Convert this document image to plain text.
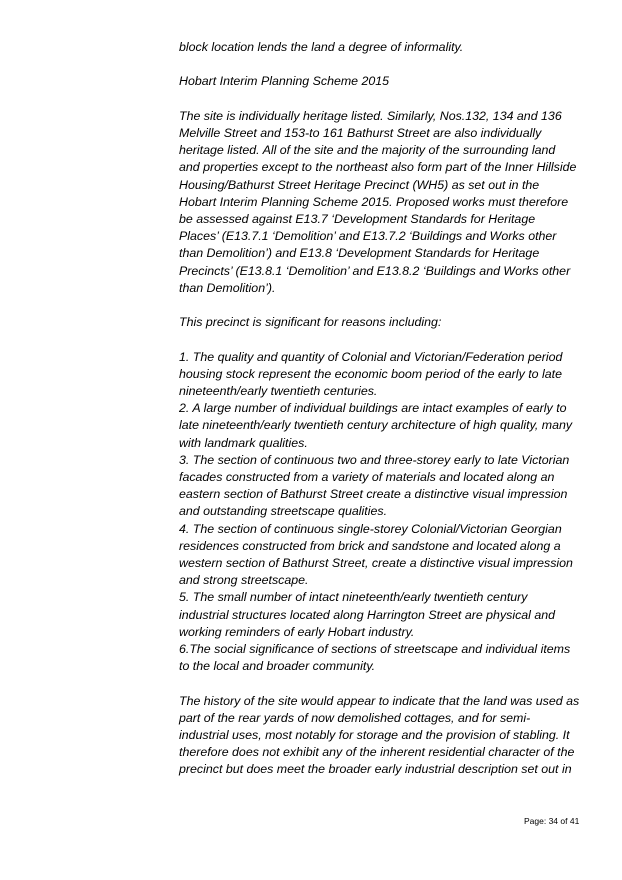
block location lends the land a degree of informality.

Hobart Interim Planning Scheme 2015

The site is individually heritage listed. Similarly, Nos.132, 134 and 136
Melville Street and 153-to 161 Bathurst Street are also individually
heritage listed. All of the site and the majority of the surrounding land
and properties except to the northeast also form part of the Inner Hillside
Housing/Bathurst Street Heritage Precinct (WH5) as set out in the
Hobart Interim Planning Scheme 2015. Proposed works must therefore
be assessed against E13.7 ‘Development Standards for Heritage
Places’ (E13.7.1 ‘Demolition’ and E13.7.2 ‘Buildings and Works other
than Demolition’) and E13.8 ‘Development Standards for Heritage
Precincts’ (E13.8.1 ‘Demolition’ and E13.8.2 ‘Buildings and Works other
than Demolition’).

This precinct is significant for reasons including:

1. The quality and quantity of Colonial and Victorian/Federation period
housing stock represent the economic boom period of the early to late
nineteenth/early twentieth centuries.

2. A large number of individual buildings are intact examples of early to
late nineteenth/early twentieth century architecture of high quality, many
with landmark qualities.

3. The section of continuous two and three-storey early to late Victorian
facades constructed from a variety of materials and located along an
eastern section of Bathurst Street create a distinctive visual impression
and outstanding streetscape qualities.

4. The section of continuous single-storey Colonial/Victorian Georgian
residences constructed from brick and sandstone and located along a
western section of Bathurst Street, create a distinctive visual impression
and strong streetscape.

5. The small number of intact nineteenth/early twentieth century
industrial structures located along Harrington Street are physical and
working reminders of early Hobart industry.

6.The social significance of sections of streetscape and individual items
to the local and broader community.

The history of the site would appear to indicate that the land was used as
part of the rear yards of now demolished cottages, and for semi-
industrial uses, most notably for storage and the provision of stabling. It
therefore does not exhibit any of the inherent residential character of the
precinct but does meet the broader early industrial description set out in

Page: 34 of 41
